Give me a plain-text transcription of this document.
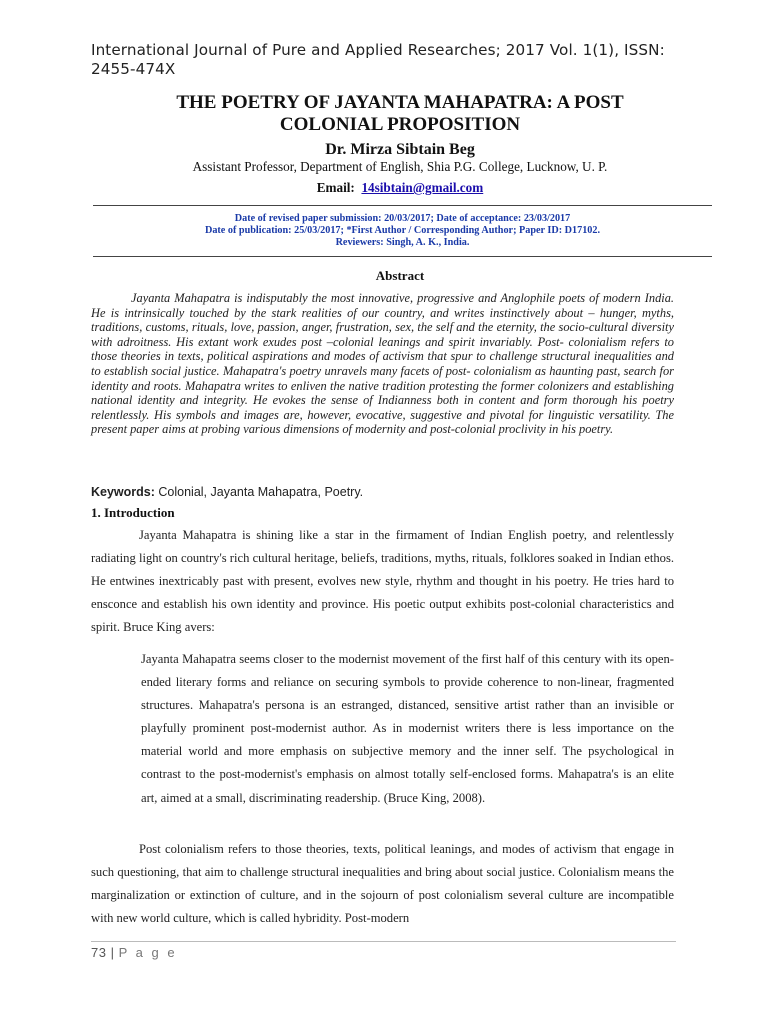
International Journal of Pure and Applied Researches; 2017 Vol. 1(1), ISSN: 2455-474X
THE POETRY OF JAYANTA MAHAPATRA: A POST
COLONIAL PROPOSITION
Dr. Mirza Sibtain Beg
Assistant Professor, Department of English, Shia P.G. College, Lucknow, U. P.
Email: 14sibtain@gmail.com
Date of revised paper submission: 20/03/2017; Date of acceptance: 23/03/2017
Date of publication: 25/03/2017; *First Author / Corresponding Author; Paper ID: D17102.
Reviewers: Singh, A. K., India.
Abstract
Jayanta Mahapatra is indisputably the most innovative, progressive and Anglophile poets of modern India. He is intrinsically touched by the stark realities of our country, and writes instinctively about – hunger, myths, traditions, customs, rituals, love, passion, anger, frustration, sex, the self and the eternity, the socio-cultural diversity with adroitness. His extant work exudes post –colonial leanings and spirit invariably. Post- colonialism refers to those theories in texts, political aspirations and modes of activism that spur to challenge structural inequalities and to establish social justice. Mahapatra's poetry unravels many facets of post- colonialism as haunting past, search for identity and roots. Mahapatra writes to enliven the native tradition protesting the former colonizers and establishing national identity and integrity. He evokes the sense of Indianness both in content and form thorough his poetry relentlessly. His symbols and images are, however, evocative, suggestive and pivotal for linguistic versatility. The present paper aims at probing various dimensions of modernity and post-colonial proclivity in his poetry.
Keywords: Colonial, Jayanta Mahapatra, Poetry.
1. Introduction
Jayanta Mahapatra is shining like a star in the firmament of Indian English poetry, and relentlessly radiating light on country's rich cultural heritage, beliefs, traditions, myths, rituals, folklores soaked in Indian ethos. He entwines inextricably past with present, evolves new style, rhythm and thought in his poetry. He tries hard to ensconce and establish his own identity and province. His poetic output exhibits post-colonial characteristics and spirit. Bruce King avers:
Jayanta Mahapatra seems closer to the modernist movement of the first half of this century with its open-ended literary forms and reliance on securing symbols to provide coherence to non-linear, fragmented structures. Mahapatra's persona is an estranged, distanced, sensitive artist rather than an invisible or playfully prominent post-modernist author. As in modernist writers there is less importance on the material world and more emphasis on subjective memory and the inner self. The psychological in contrast to the post-modernist's emphasis on almost totally self-enclosed forms. Mahapatra's is an elite art, aimed at a small, discriminating readership. (Bruce King, 2008).
Post colonialism refers to those theories, texts, political leanings, and modes of activism that engage in such questioning, that aim to challenge structural inequalities and bring about social justice. Colonialism means the marginalization or extinction of culture, and in the sojourn of post colonialism several culture are incompatible with new world culture, which is called hybridity. Post-modern
73 | P a g e
